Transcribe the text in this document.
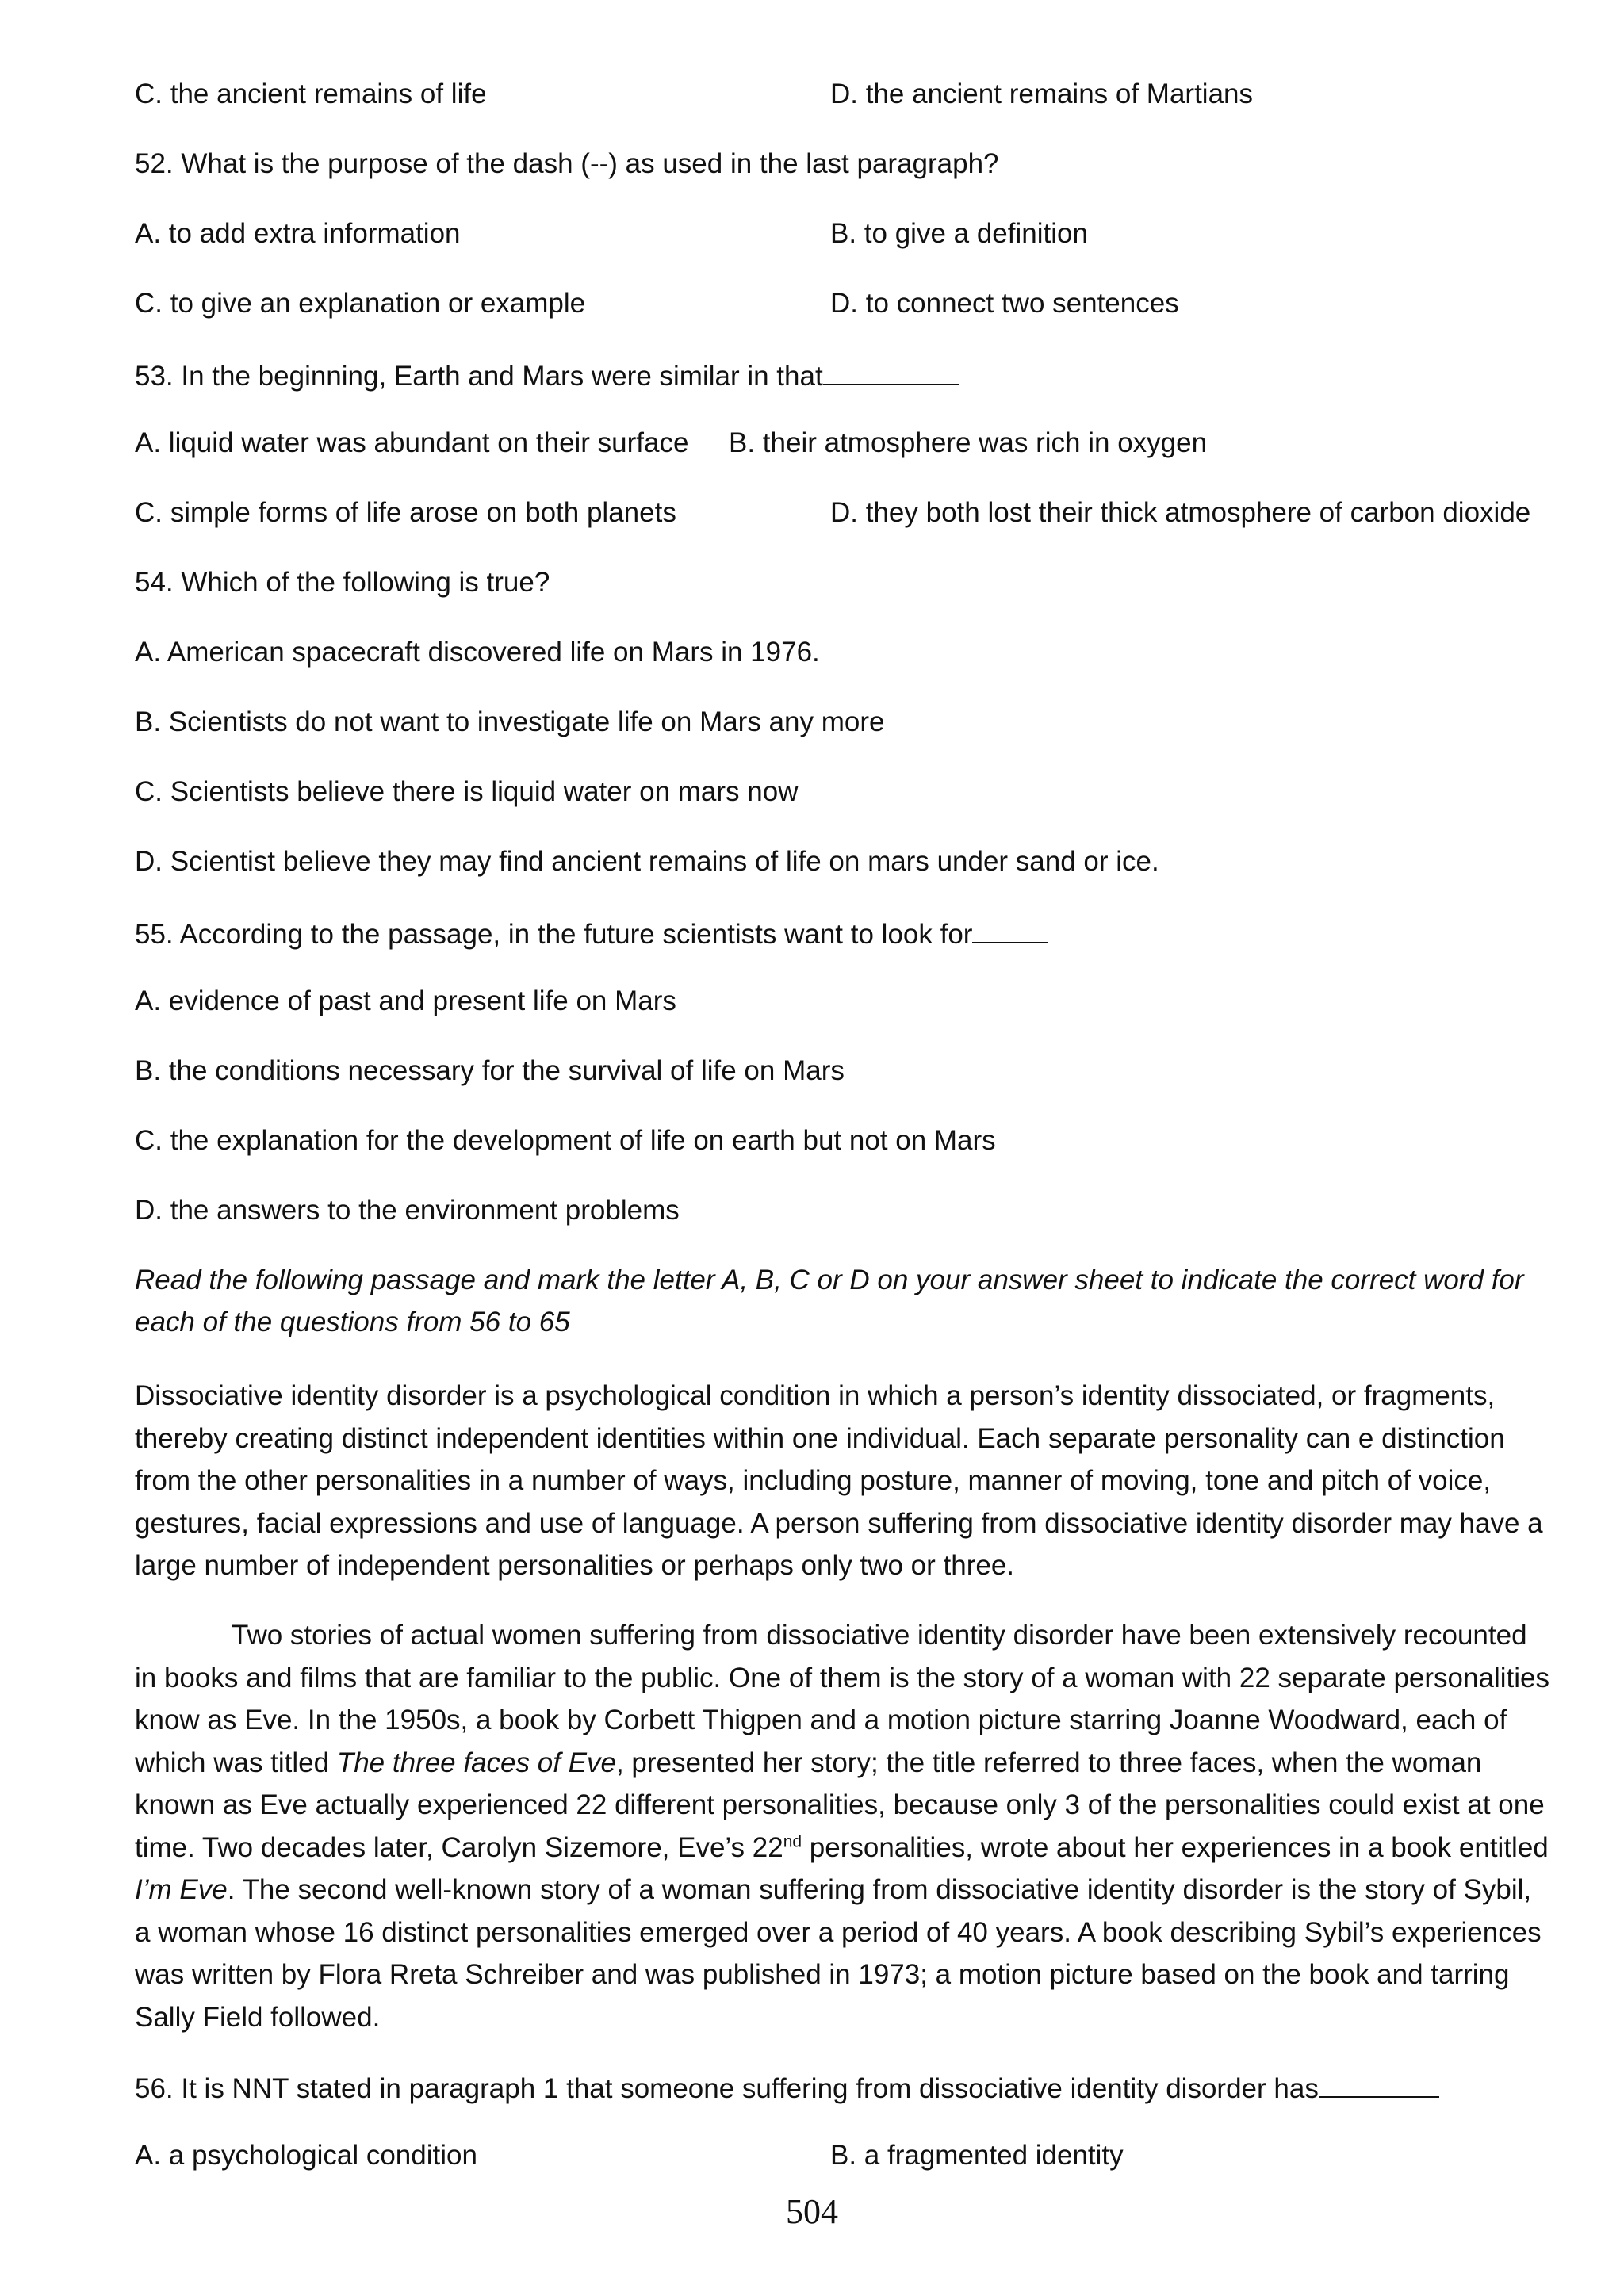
C. the ancient remains of life	D. the ancient remains of Martians
52. What is the purpose of the dash (--) as used in the last paragraph?
A. to add extra information	B. to give a definition
C. to give an explanation or example	D. to connect two sentences
53. In the beginning, Earth and Mars were similar in that
A. liquid water was abundant on their surface B. their atmosphere was rich in oxygen
C. simple forms of life arose on both planets	D. they both lost their thick atmosphere of carbon dioxide
54. Which of the following is true?
A. American spacecraft discovered life on Mars in 1976.
B. Scientists do not want to investigate life on Mars any more
C. Scientists believe there is liquid water on mars now
D. Scientist believe they may find ancient remains of life on mars under sand or ice.
55. According to the passage, in the future scientists want to look for
A. evidence of past and present life on Mars
B. the conditions necessary for the survival of life on Mars
C. the explanation for the development of life on earth but not on Mars
D. the answers to the environment problems
Read the following passage and mark the letter A, B, C or D on your answer sheet to indicate the correct word for each of the questions from 56 to 65
Dissociative identity disorder is a psychological condition in which a person’s identity dissociated, or fragments, thereby creating distinct independent identities within one individual. Each separate personality can e distinction from the other personalities in a number of ways, including posture, manner of moving, tone and pitch of voice, gestures, facial expressions and use of language. A person suffering from dissociative identity disorder may have a large number of independent personalities or perhaps only two or three.
Two stories of actual women suffering from dissociative identity disorder have been extensively recounted in books and films that are familiar to the public. One of them is the story of a woman with 22 separate personalities know as Eve. In the 1950s, a book by Corbett Thigpen and a motion picture starring Joanne Woodward, each of which was titled The three faces of Eve, presented her story; the title referred to three faces, when the woman known as Eve actually experienced 22 different personalities, because only 3 of the personalities could exist at one time. Two decades later, Carolyn Sizemore, Eve’s 22nd personalities, wrote about her experiences in a book entitled I’m Eve. The second well-known story of a woman suffering from dissociative identity disorder is the story of Sybil, a woman whose 16 distinct personalities emerged over a period of 40 years. A book describing Sybil’s experiences was written by Flora Rreta Schreiber and was published in 1973; a motion picture based on the book and tarring Sally Field followed.
56. It is NNT stated in paragraph 1 that someone suffering from dissociative identity disorder has
A. a psychological condition	B. a fragmented identity
504
